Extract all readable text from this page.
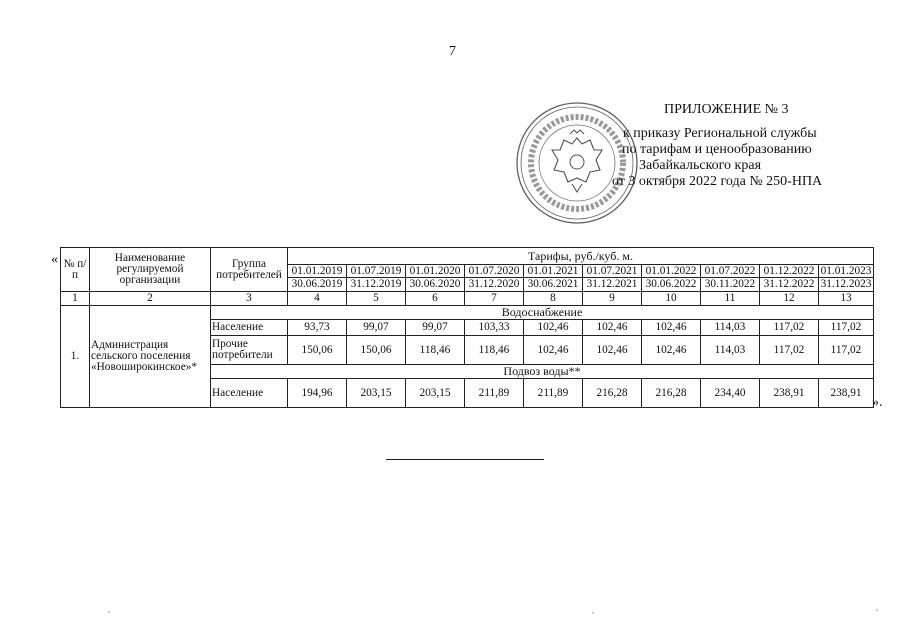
7
ПРИЛОЖЕНИЕ № 3
к приказу Региональной службы
по тарифам и ценообразованию
Забайкальского края
от 3 октября 2022 года № 250-НПА
« № п/п	Наименование регулируемой организации	Группа потребителей	Тарифы, руб./куб. м.									
			01.01.2019	01.07.2019	01.01.2020	01.07.2020	01.01.2021	01.07.2021	01.01.2022	01.07.2022	01.12.2022	01.01.2023
			30.06.2019	31.12.2019	30.06.2020	31.12.2020	30.06.2021	31.12.2021	30.06.2022	30.11.2022	31.12.2022	31.12.2023
1	2	3	4	5	6	7	8	9	10	11	12	13
1.	Администрация сельского поселения «Новоширокинское»*	Водоснабжение										
		Население	93,73	99,07	99,07	103,33	102,46	102,46	102,46	114,03	117,02	117,02
		Прочие потребители	150,06	150,06	118,46	118,46	102,46	102,46	102,46	114,03	117,02	117,02
		Подвоз воды**										
		Население	194,96	203,15	203,15	211,89	211,89	216,28	216,28	234,40	238,91	238,91
».
